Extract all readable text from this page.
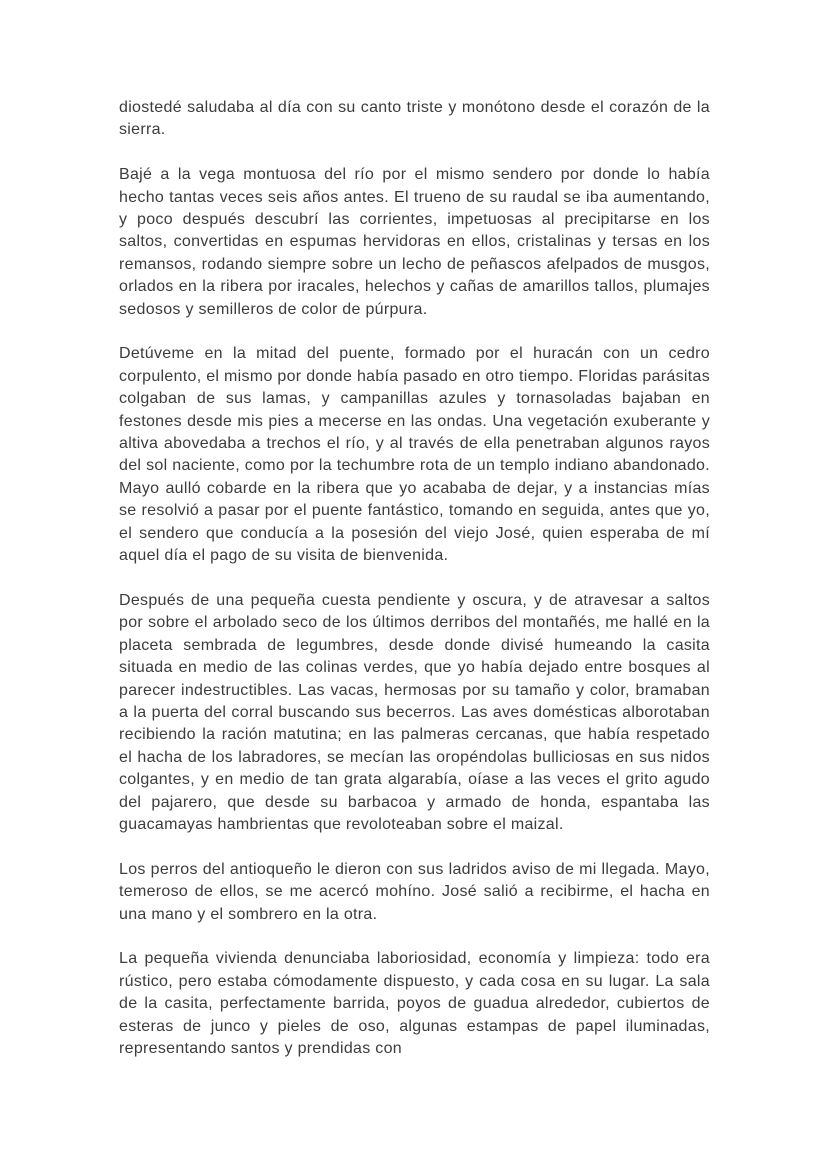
diostedé saludaba al día con su canto triste y monótono desde el corazón de la sierra.

Bajé a la vega montuosa del río por el mismo sendero por donde lo había hecho tantas veces seis años antes. El trueno de su raudal se iba aumentando, y poco después descubrí las corrientes, impetuosas al precipitarse en los saltos, convertidas en espumas hervidoras en ellos, cristalinas y tersas en los remansos, rodando siempre sobre un lecho de peñascos afelpados de musgos, orlados en la ribera por iracales, helechos y cañas de amarillos tallos, plumajes sedosos y semilleros de color de púrpura.

Detúveme en la mitad del puente, formado por el huracán con un cedro corpulento, el mismo por donde había pasado en otro tiempo. Floridas parásitas colgaban de sus lamas, y campanillas azules y tornasoladas bajaban en festones desde mis pies a mecerse en las ondas. Una vegetación exuberante y altiva abovedaba a trechos el río, y al través de ella penetraban algunos rayos del sol naciente, como por la techumbre rota de un templo indiano abandonado. Mayo aulló cobarde en la ribera que yo acababa de dejar, y a instancias mías se resolvió a pasar por el puente fantástico, tomando en seguida, antes que yo, el sendero que conducía a la posesión del viejo José, quien esperaba de mí aquel día el pago de su visita de bienvenida.

Después de una pequeña cuesta pendiente y oscura, y de atravesar a saltos por sobre el arbolado seco de los últimos derribos del montañés, me hallé en la placeta sembrada de legumbres, desde donde divisé humeando la casita situada en medio de las colinas verdes, que yo había dejado entre bosques al parecer indestructibles. Las vacas, hermosas por su tamaño y color, bramaban a la puerta del corral buscando sus becerros. Las aves domésticas alborotaban recibiendo la ración matutina; en las palmeras cercanas, que había respetado el hacha de los labradores, se mecían las oropéndolas bulliciosas en sus nidos colgantes, y en medio de tan grata algarabía, oíase a las veces el grito agudo del pajarero, que desde su barbacoa y armado de honda, espantaba las guacamayas hambrientas que revoloteaban sobre el maizal.

Los perros del antioqueño le dieron con sus ladridos aviso de mi llegada. Mayo, temeroso de ellos, se me acercó mohíno. José salió a recibirme, el hacha en una mano y el sombrero en la otra.

La pequeña vivienda denunciaba laboriosidad, economía y limpieza: todo era rústico, pero estaba cómodamente dispuesto, y cada cosa en su lugar. La sala de la casita, perfectamente barrida, poyos de guadua alrededor, cubiertos de esteras de junco y pieles de oso, algunas estampas de papel iluminadas, representando santos y prendidas con
